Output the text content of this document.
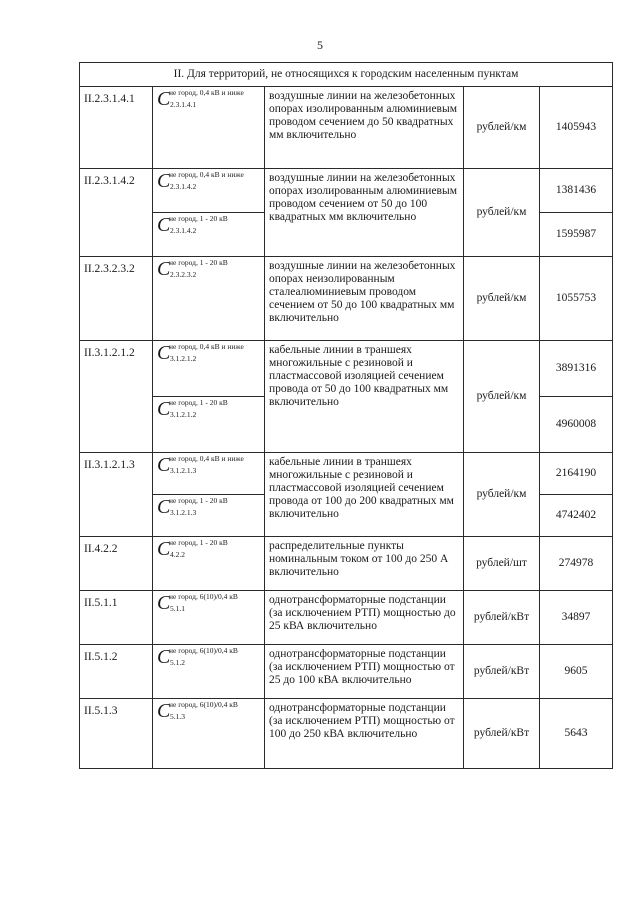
5
II. Для территорий, не относящихся к городским населенным пунктам				
II.2.3.1.4.1	C
не город, 0,4 кВ и ниже
2.3.1.4.1	воздушные линии на железобетонных опорах изолированным алюминиевым проводом сечением до 50 квадратных мм включительно	рублей/км	1405943
II.2.3.1.4.2	C
не город, 0,4 кВ и ниже
2.3.1.4.2	воздушные линии на железобетонных опорах изолированным алюминиевым проводом сечением от 50 до 100 квадратных мм включительно	рублей/км	1381436

	C
не город, 1 - 20 кВ
2.3.1.4.2			1595987
II.2.3.2.3.2	C
не город, 1 - 20 кВ
2.3.2.3.2	воздушные линии на железобетонных опорах неизолированным сталеалюминиевым проводом сечением от 50 до 100 квадратных мм включительно	рублей/км	1055753
II.3.1.2.1.2	C
не город, 0,4 кВ и ниже
3.1.2.1.2	кабельные линии в траншеях многожильные с резиновой и пластмассовой изоляцией сечением провода от 50 до 100 квадратных мм включительно	рублей/км	3891316

	C
не город, 1 - 20 кВ
3.1.2.1.2			4960008
II.3.1.2.1.3	C
не город, 0,4 кВ и ниже
3.1.2.1.3	кабельные линии в траншеях многожильные с резиновой и пластмассовой изоляцией сечением провода от 100 до 200 квадратных мм включительно	рублей/км	2164190

	C
не город, 1 - 20 кВ
3.1.2.1.3			4742402
II.4.2.2	C
не город, 1 - 20 кВ
4.2.2	распределительные пункты номинальным током от 100 до 250 А включительно	рублей/шт	274978
II.5.1.1	C
не город, 6(10)/0,4 кВ
5.1.1	однотрансформаторные подстанции (за исключением РТП) мощностью до 25 кВА включительно	рублей/кВт	34897
II.5.1.2	C
не город, 6(10)/0,4 кВ
5.1.2	однотрансформаторные подстанции (за исключением РТП) мощностью от 25 до 100 кВА включительно	рублей/кВт	9605
II.5.1.3	C
не город, 6(10)/0,4 кВ
5.1.3	однотрансформаторные подстанции (за исключением РТП) мощностью от 100 до 250 кВА включительно	рублей/кВт	5643
